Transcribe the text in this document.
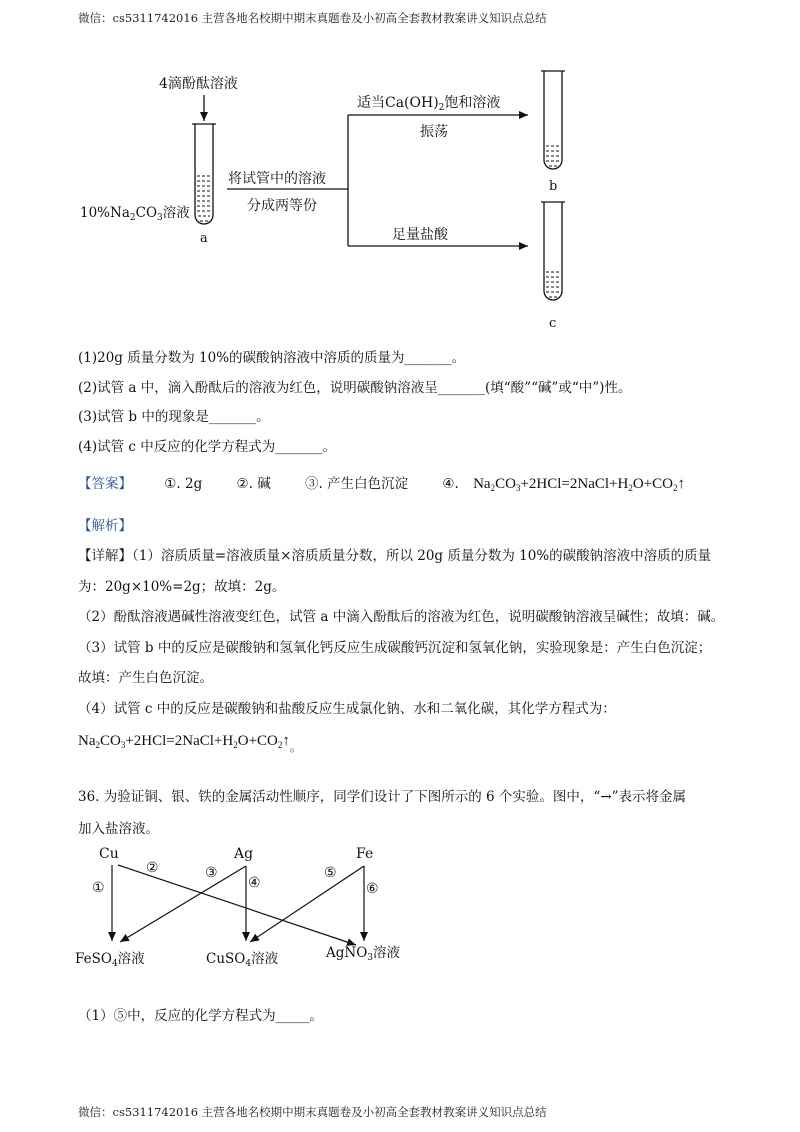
微信：cs5311742016 主营各地名校期中期末真题卷及小初高全套教材教案讲义知识点总结
4滴酚酞溶液
$10\%Na_2CO_3$溶液
a
将试管中的溶液
分成两等份
适当$Ca(OH)_2$饱和溶液
振荡
足量盐酸
b
c
(1)20g 质量分数为 10%的碳酸钠溶液中溶质的质量为_______。
(2)试管 a 中，滴入酚酞后的溶液为红色，说明碳酸钠溶液呈_______(填“酸”“碱”或“中”)性。
(3)试管 b 中的现象是_______。
(4)试管 c 中反应的化学方程式为_______。
【答案】 ①. 2g	②. 碱	③. 产生白色沉淀	④. $Na_2CO_3+2HCl=2NaCl+H_2O+CO_2↑$
【解析】
【详解】（1）溶质质量=溶液质量×溶质质量分数，所以 20g 质量分数为 10%的碳酸钠溶液中溶质的质量
为：20g×10%=2g；故填：2g。
（2）酚酞溶液遇碱性溶液变红色，试管 a 中滴入酚酞后的溶液为红色，说明碳酸钠溶液呈碱性；故填：碱。
（3）试管 b 中的反应是碳酸钠和氢氧化钙反应生成碳酸钙沉淀和氢氧化钠，实验现象是：产生白色沉淀；
故填：产生白色沉淀。
（4）试管 c 中的反应是碳酸钠和盐酸反应生成氯化钠、水和二氧化碳，其化学方程式为：
$Na_2CO_3+2HCl=2NaCl+H_2O+CO_2↑_。$
36. 为验证铜、银、铁的金属活动性顺序，同学们设计了下图所示的 6 个实验。图中，“→”表示将金属
加入盐溶液。
Cu	Ag	Fe
①
②	③
④
⑤
⑥
FeSO$_4$溶液	CuSO$_4$溶液	AgNO$_3$溶液
（1）⑤中，反应的化学方程式为_____。
微信：cs5311742016 主营各地名校期中期末真题卷及小初高全套教材教案讲义知识点总结
